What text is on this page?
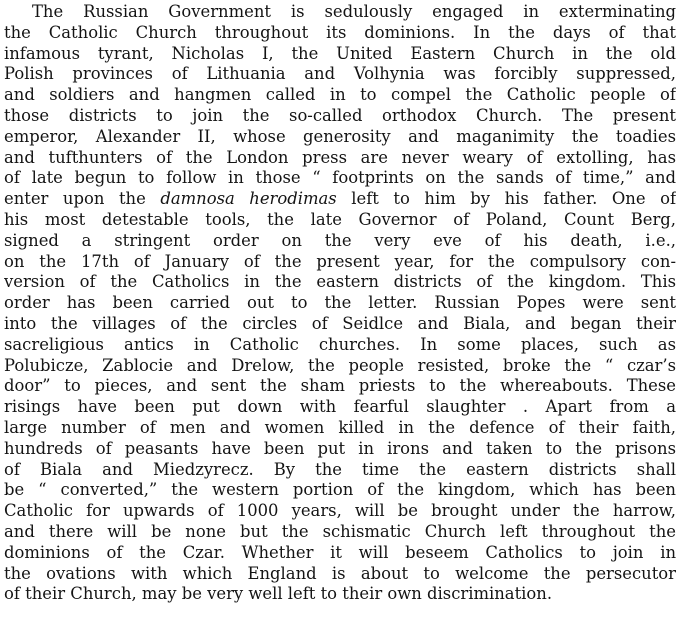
The Russian Government is sedulously engaged in exterminating
the Catholic Church throughout its dominions. In the days of that
infamous tyrant, Nicholas I, the United Eastern Church in the old
Polish provinces of Lithuania and Volhynia was forcibly suppressed,
and soldiers and hangmen called in to compel the Catholic people of
those districts to join the so-called orthodox Church. The present
emperor, Alexander II, whose generosity and maganimity the toadies
and tufthunters of the London press are never weary of extolling, has
of late begun to follow in those “ footprints on the sands of time,” and
enter upon the damnosa herodiтas left to him by his father. One of
his most detestable tools, the late Governor of Poland, Count Berg,
signed a stringent order on the very eve of his death, i.e.,
on the 17th of January of the present year, for the compulsory con-
version of the Catholics in the eastern districts of the kingdom. This
order has been carried out to the letter. Russian Popes were sent
into the villages of the circles of Seidlce and Biala, and began their
sacreligious antics in Catholic churches. In some places, such as
Polubicze, Zablocie and Drelow, the people resisted, broke the “ czar’s
door” to pieces, and sent the sham priests to the whereabouts. These
risings have been put down with fearful slaughter . Apart from a
large number of men and women killed in the defence of their faith,
hundreds of peasants have been put in irons and taken to the prisons
of Biala and Miedzyrecz. By the time the eastern districts shall
be “ converted,” the western portion of the kingdom, which has been
Catholic for upwards of 1000 years, will be brought under the harrow,
and there will be none but the schismatic Church left throughout the
dominions of the Czar. Whether it will beseem Catholics to join in
the ovations with which England is about to welcome the persecutor
of their Church, may be very well left to their own discrimination.
